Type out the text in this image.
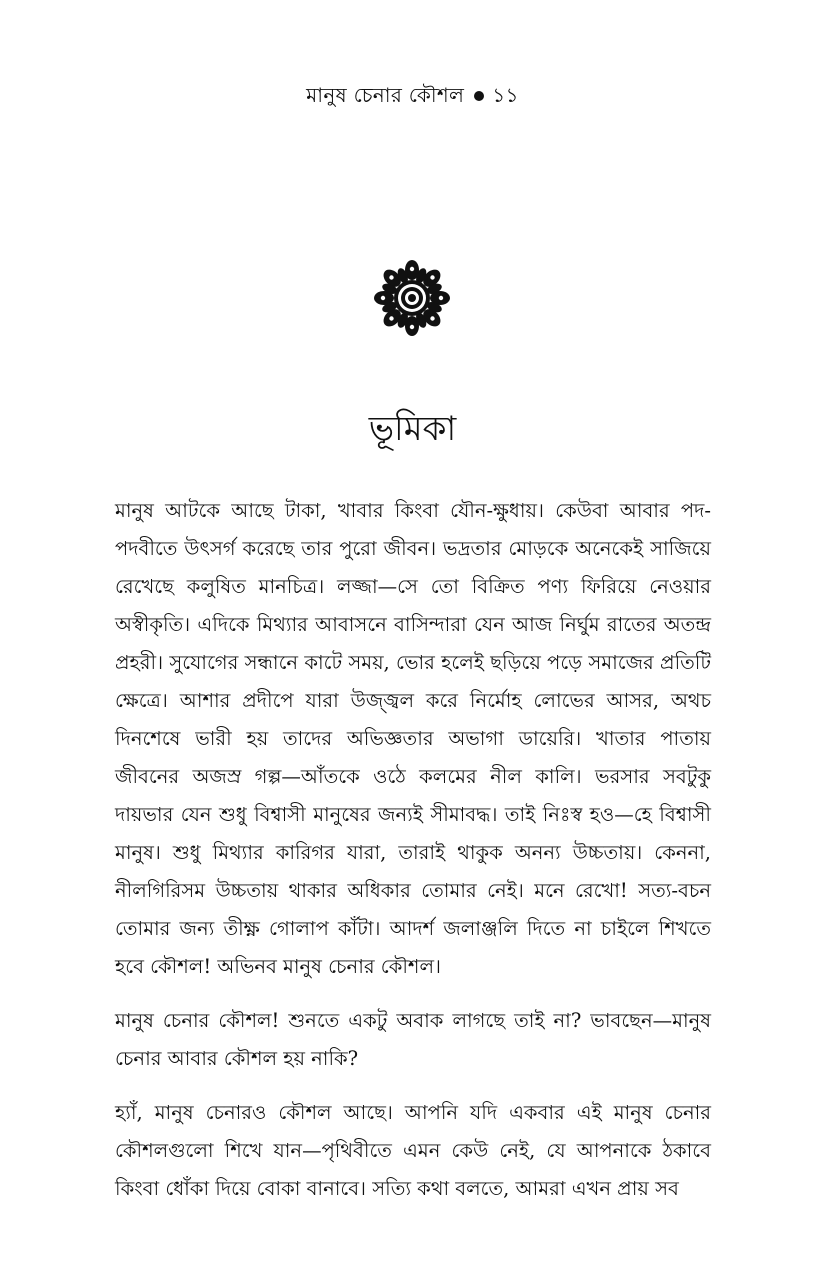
মানুষ চেনার কৌশল ১১
ভূমিকা

মানুষ আটকে আছে টাকা, খাবার কিংবা যৌন-ক্ষুধায়। কেউবা আবার পদ-পদবীতে উৎসর্গ করেছে তার পুরো জীবন। ভদ্রতার মোড়কে অনেকেই সাজিয়ে রেখেছে কলুষিত মানচিত্র। লজ্জা—সে তো বিক্রিত পণ্য ফিরিয়ে নেওয়ার অস্বীকৃতি। এদিকে মিথ্যার আবাসনে বাসিন্দারা যেন আজ নির্ঘুম রাতের অতন্দ্র প্রহরী। সুযোগের সন্ধানে কাটে সময়, ভোর হলেই ছড়িয়ে পড়ে সমাজের প্রতিটি ক্ষেত্রে। আশার প্রদীপে যারা উজ্জ্বল করে নির্মোহ লোভের আসর, অথচ দিনশেষে ভারী হয় তাদের অভিজ্ঞতার অভাগা ডায়েরি। খাতার পাতায় জীবনের অজস্র গল্প—আঁতকে ওঠে কলমের নীল কালি। ভরসার সবটুকু দায়ভার যেন শুধু বিশ্বাসী মানুষের জন্যই সীমাবদ্ধ। তাই নিঃস্ব হও—হে বিশ্বাসী মানুষ। শুধু মিথ্যার কারিগর যারা, তারাই থাকুক অনন্য উচ্চতায়। কেননা, নীলগিরিসম উচ্চতায় থাকার অধিকার তোমার নেই। মনে রেখো! সত্য-বচন তোমার জন্য তীক্ষ্ণ গোলাপ কাঁটা। আদর্শ জলাঞ্জলি দিতে না চাইলে শিখতে হবে কৌশল! অভিনব মানুষ চেনার কৌশল।

মানুষ চেনার কৌশল! শুনতে একটু অবাক লাগছে তাই না? ভাবছেন—মানুষ চেনার আবার কৌশল হয় নাকি?

হ্যাঁ, মানুষ চেনারও কৌশল আছে। আপনি যদি একবার এই মানুষ চেনার কৌশলগুলো শিখে যান—পৃথিবীতে এমন কেউ নেই, যে আপনাকে ঠকাবে কিংবা ধোঁকা দিয়ে বোকা বানাবে। সত্যি কথা বলতে, আমরা এখন প্রায় সব
